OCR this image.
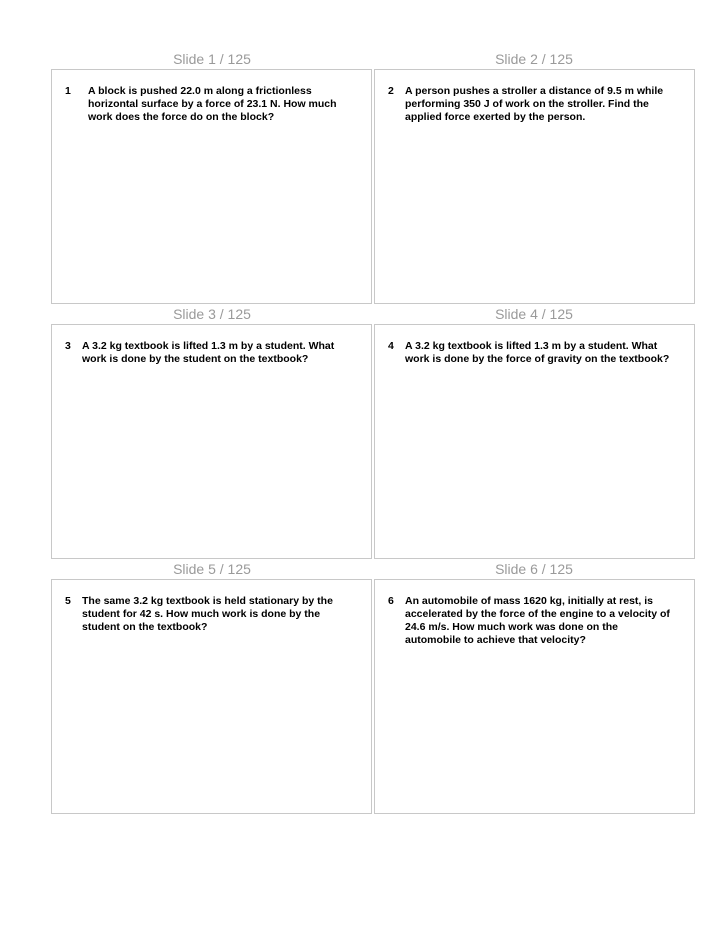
Slide 1 / 125	Slide 2 / 125
1 A block is pushed 22.0 m along a frictionless horizontal surface by a force of 23.1 N. How much work does the force do on the block?
2 A person pushes a stroller a distance of 9.5 m while performing 350 J of work on the stroller. Find the applied force exerted by the person.
Slide 3 / 125	Slide 4 / 125
3 A 3.2 kg textbook is lifted 1.3 m by a student. What work is done by the student on the textbook?
4 A 3.2 kg textbook is lifted 1.3 m by a student. What work is done by the force of gravity on the textbook?
Slide 5 / 125	Slide 6 / 125
5 The same 3.2 kg textbook is held stationary by the student for 42 s. How much work is done by the student on the textbook?
6 An automobile of mass 1620 kg, initially at rest, is accelerated by the force of the engine to a velocity of 24.6 m/s. How much work was done on the automobile to achieve that velocity?
